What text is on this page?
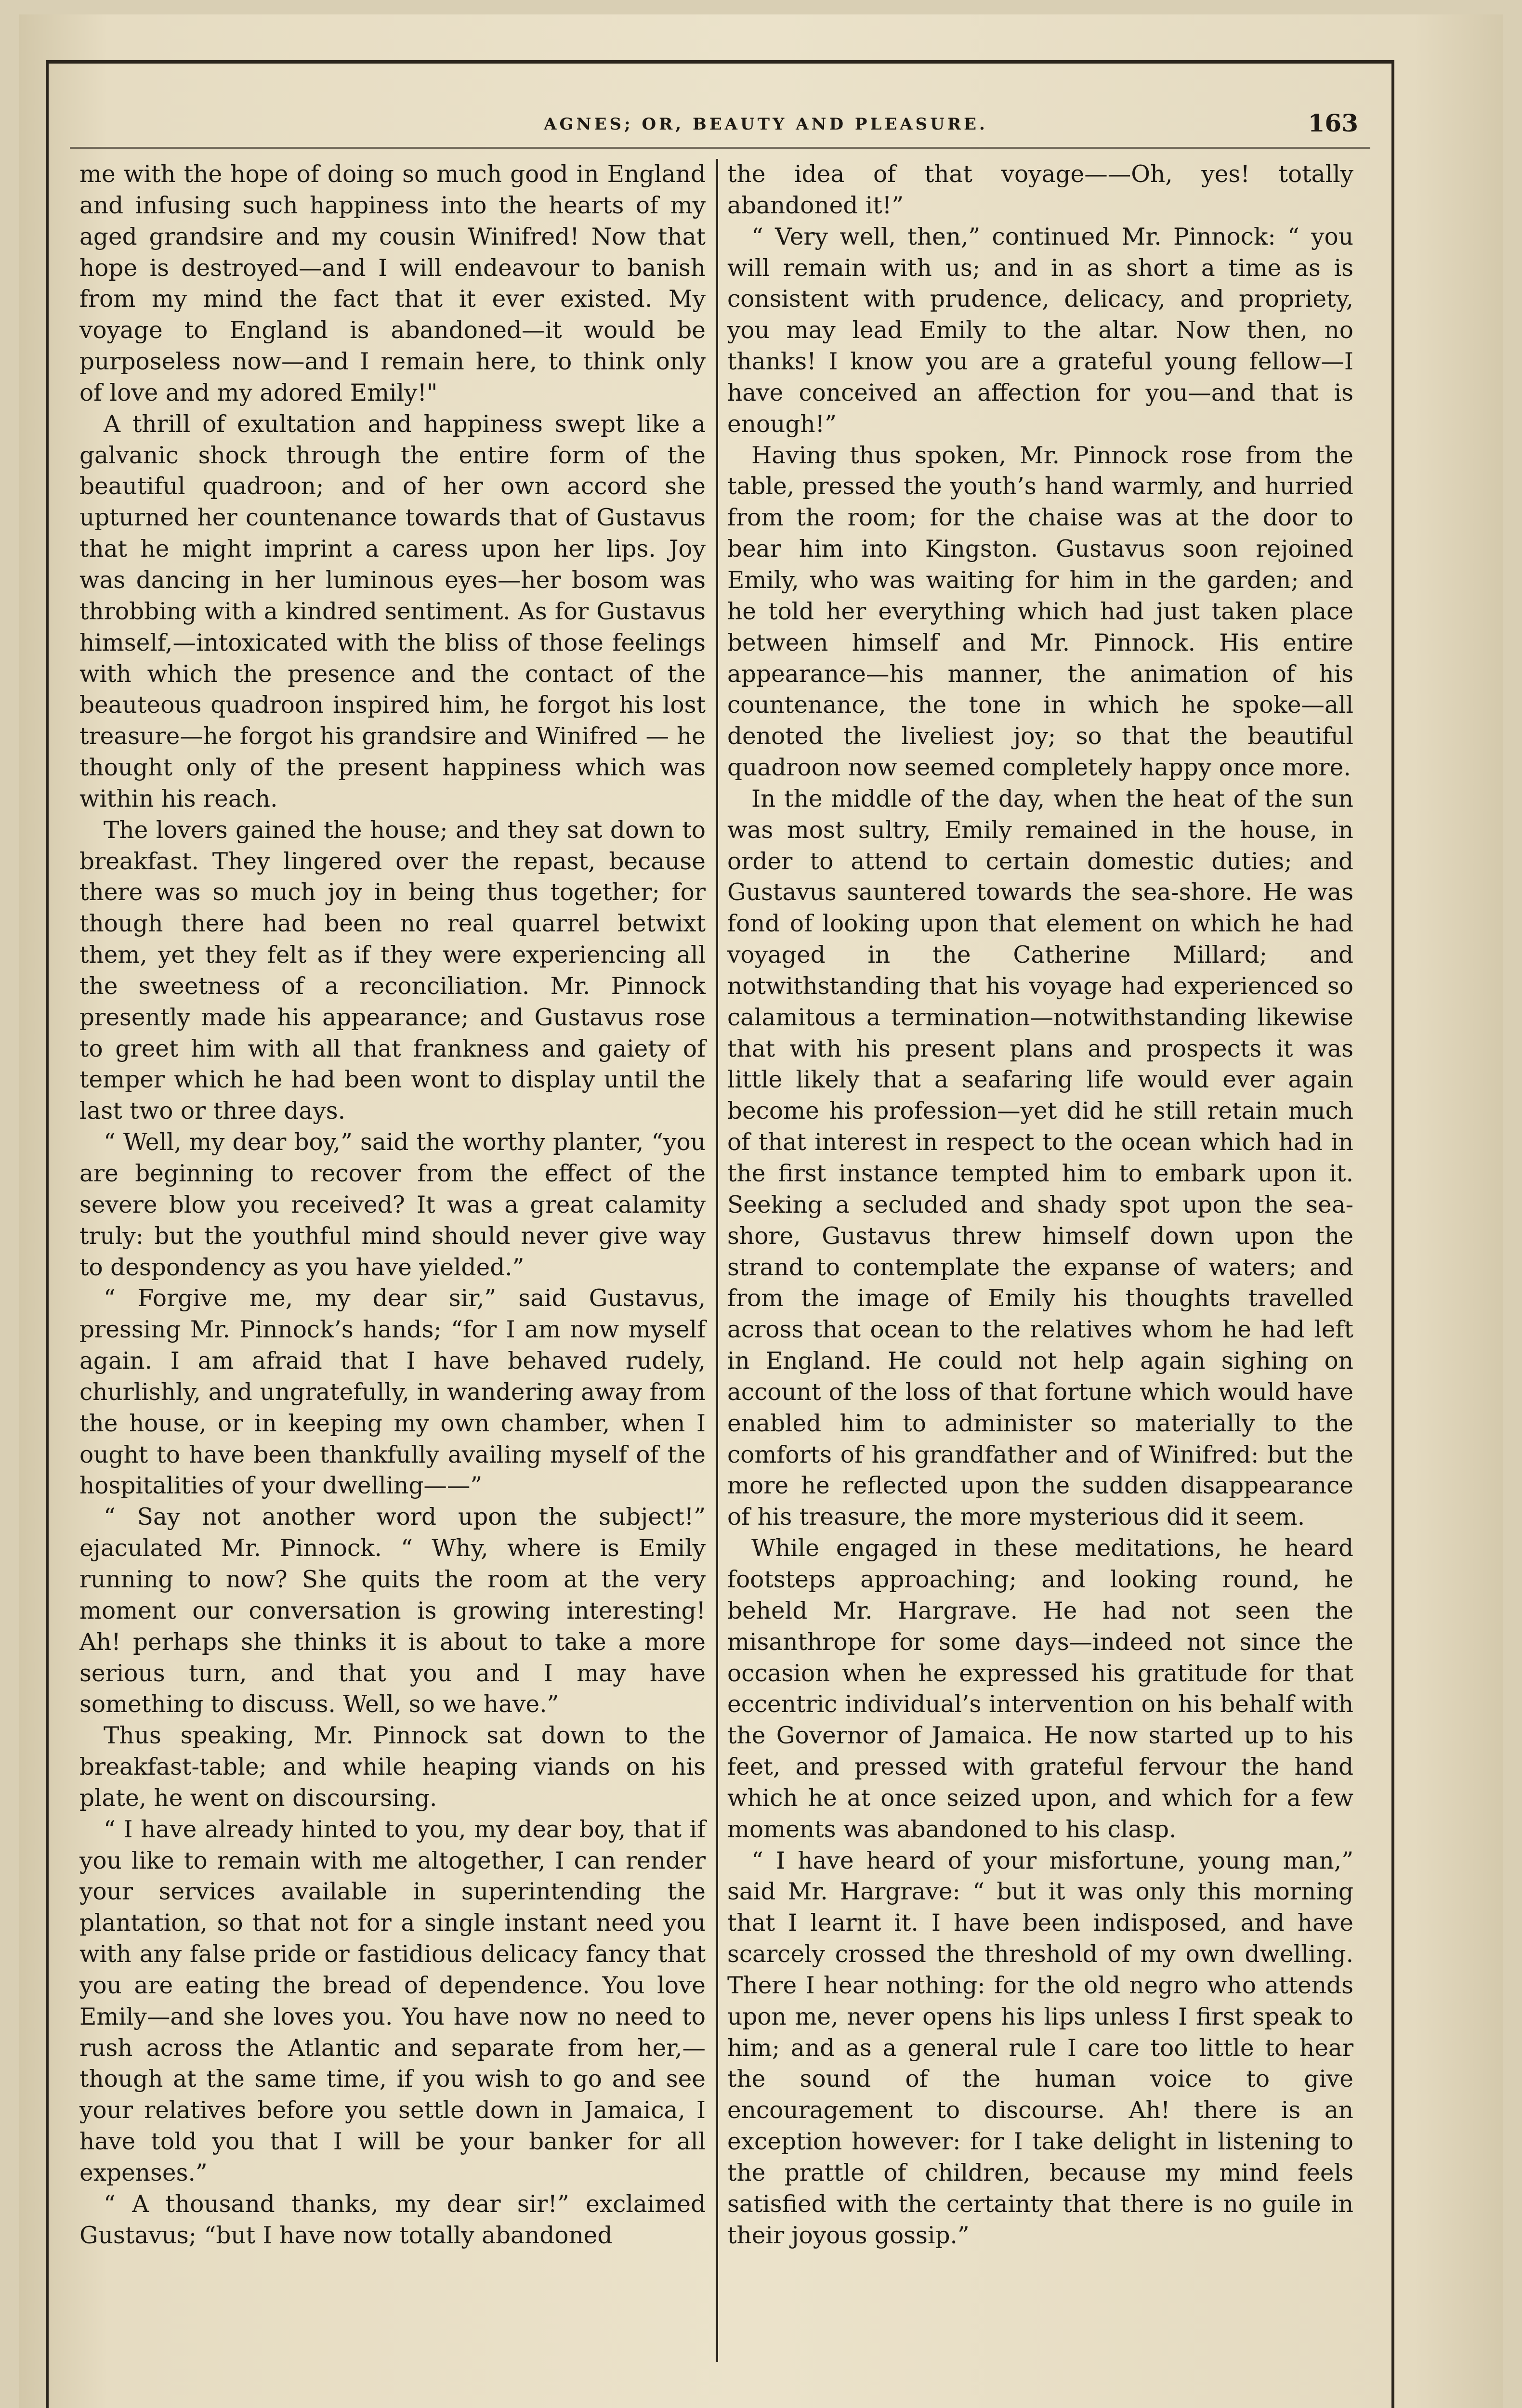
AGNES; OR, BEAUTY AND PLEASURE.	163

me with the hope of doing so much good in England and infusing such happiness into the hearts of my aged grandsire and my cousin Winifred! Now that hope is destroyed—and I will endeavour to banish from my mind the fact that it ever existed. My voyage to England is abandoned—it would be purposeless now—and I remain here, to think only of love and my adored Emily!"

A thrill of exultation and happiness swept like a galvanic shock through the entire form of the beautiful quadroon; and of her own accord she upturned her countenance towards that of Gustavus that he might imprint a caress upon her lips. Joy was dancing in her luminous eyes—her bosom was throbbing with a kindred sentiment. As for Gustavus himself,—intoxicated with the bliss of those feelings with which the presence and the contact of the beauteous quadroon inspired him, he forgot his lost treasure—he forgot his grandsire and Winifred — he thought only of the present happiness which was within his reach.

The lovers gained the house; and they sat down to breakfast. They lingered over the repast, because there was so much joy in being thus together; for though there had been no real quarrel betwixt them, yet they felt as if they were experiencing all the sweetness of a reconciliation. Mr. Pinnock presently made his appearance; and Gustavus rose to greet him with all that frankness and gaiety of temper which he had been wont to display until the last two or three days.

“ Well, my dear boy,” said the worthy planter, “you are beginning to recover from the effect of the severe blow you received? It was a great calamity truly: but the youthful mind should never give way to despondency as you have yielded.”

“ Forgive me, my dear sir,” said Gustavus, pressing Mr. Pinnock’s hands; “for I am now myself again. I am afraid that I have behaved rudely, churlishly, and ungratefully, in wandering away from the house, or in keeping my own chamber, when I ought to have been thankfully availing myself of the hospitalities of your dwelling——”

“ Say not another word upon the subject!” ejaculated Mr. Pinnock. “ Why, where is Emily running to now? She quits the room at the very moment our conversation is growing interesting! Ah! perhaps she thinks it is about to take a more serious turn, and that you and I may have something to discuss. Well, so we have.”

Thus speaking, Mr. Pinnock sat down to the breakfast-table; and while heaping viands on his plate, he went on discoursing.

“ I have already hinted to you, my dear boy, that if you like to remain with me altogether, I can render your services available in superintending the plantation, so that not for a single instant need you with any false pride or fastidious delicacy fancy that you are eating the bread of dependence. You love Emily—and she loves you. You have now no need to rush across the Atlantic and separate from her,—though at the same time, if you wish to go and see your relatives before you settle down in Jamaica, I have told you that I will be your banker for all expenses.”

“ A thousand thanks, my dear sir!” exclaimed Gustavus; “but I have now totally abandoned

the idea of that voyage——Oh, yes! totally abandoned it!”

“ Very well, then,” continued Mr. Pinnock: “ you will remain with us; and in as short a time as is consistent with prudence, delicacy, and propriety, you may lead Emily to the altar. Now then, no thanks! I know you are a grateful young fellow—I have conceived an affection for you—and that is enough!”

Having thus spoken, Mr. Pinnock rose from the table, pressed the youth’s hand warmly, and hurried from the room; for the chaise was at the door to bear him into Kingston. Gustavus soon rejoined Emily, who was waiting for him in the garden; and he told her everything which had just taken place between himself and Mr. Pinnock. His entire appearance—his manner, the animation of his countenance, the tone in which he spoke—all denoted the liveliest joy; so that the beautiful quadroon now seemed completely happy once more.

In the middle of the day, when the heat of the sun was most sultry, Emily remained in the house, in order to attend to certain domestic duties; and Gustavus sauntered towards the sea-shore. He was fond of looking upon that element on which he had voyaged in the Catherine Millard; and notwithstanding that his voyage had experienced so calamitous a termination—notwithstanding likewise that with his present plans and prospects it was little likely that a seafaring life would ever again become his profession—yet did he still retain much of that interest in respect to the ocean which had in the first instance tempted him to embark upon it. Seeking a secluded and shady spot upon the sea-shore, Gustavus threw himself down upon the strand to contemplate the expanse of waters; and from the image of Emily his thoughts travelled across that ocean to the relatives whom he had left in England. He could not help again sighing on account of the loss of that fortune which would have enabled him to administer so materially to the comforts of his grandfather and of Winifred: but the more he reflected upon the sudden disappearance of his treasure, the more mysterious did it seem.

While engaged in these meditations, he heard footsteps approaching; and looking round, he beheld Mr. Hargrave. He had not seen the misanthrope for some days—indeed not since the occasion when he expressed his gratitude for that eccentric individual’s intervention on his behalf with the Governor of Jamaica. He now started up to his feet, and pressed with grateful fervour the hand which he at once seized upon, and which for a few moments was abandoned to his clasp.

“ I have heard of your misfortune, young man,” said Mr. Hargrave: “ but it was only this morning that I learnt it. I have been indisposed, and have scarcely crossed the threshold of my own dwelling. There I hear nothing: for the old negro who attends upon me, never opens his lips unless I first speak to him; and as a general rule I care too little to hear the sound of the human voice to give encouragement to discourse. Ah! there is an exception however: for I take delight in listening to the prattle of children, because my mind feels satisfied with the certainty that there is no guile in their joyous gossip.”
